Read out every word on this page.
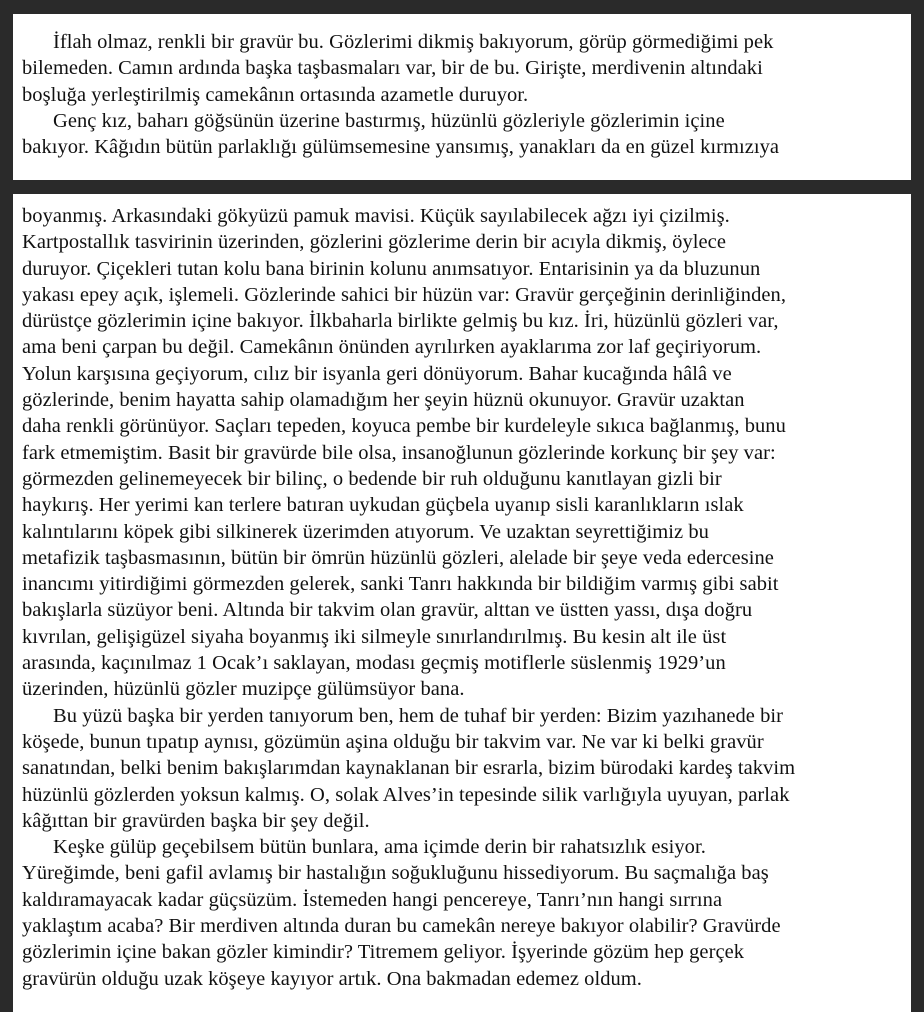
İflah olmaz, renkli bir gravür bu. Gözlerimi dikmiş bakıyorum, görüp görmediğimi pek
bilemeden. Camın ardında başka taşbasmaları var, bir de bu. Girişte, merdivenin altındaki
boşluğa yerleştirilmiş camekânın ortasında azametle duruyor.
Genç kız, baharı göğsünün üzerine bastırmış, hüzünlü gözleriyle gözlerimin içine
bakıyor. Kâğıdın bütün parlaklığı gülümsemesine yansımış, yanakları da en güzel kırmızıya
boyanmış. Arkasındaki gökyüzü pamuk mavisi. Küçük sayılabilecek ağzı iyi çizilmiş.
Kartpostallık tasvirinin üzerinden, gözlerini gözlerime derin bir acıyla dikmiş, öylece
duruyor. Çiçekleri tutan kolu bana birinin kolunu anımsatıyor. Entarisinin ya da bluzunun
yakası epey açık, işlemeli. Gözlerinde sahici bir hüzün var: Gravür gerçeğinin derinliğinden,
dürüstçe gözlerimin içine bakıyor. İlkbaharla birlikte gelmiş bu kız. İri, hüzünlü gözleri var,
ama beni çarpan bu değil. Camekânın önünden ayrılırken ayaklarıma zor laf geçiriyorum.
Yolun karşısına geçiyorum, cılız bir isyanla geri dönüyorum. Bahar kucağında hâlâ ve
gözlerinde, benim hayatta sahip olamadığım her şeyin hüznü okunuyor. Gravür uzaktan
daha renkli görünüyor. Saçları tepeden, koyuca pembe bir kurdeleyle sıkıca bağlanmış, bunu
fark etmemiştim. Basit bir gravürde bile olsa, insanoğlunun gözlerinde korkunç bir şey var:
görmezden gelinemeyecek bir bilinç, o bedende bir ruh olduğunu kanıtlayan gizli bir
haykırış. Her yerimi kan terlere batıran uykudan güçbela uyanıp sisli karanlıkların ıslak
kalıntılarını köpek gibi silkinerek üzerimden atıyorum. Ve uzaktan seyrettiğimiz bu
metafizik taşbasmasının, bütün bir ömrün hüzünlü gözleri, alelade bir şeye veda edercesine
inancımı yitirdiğimi görmezden gelerek, sanki Tanrı hakkında bir bildiğim varmış gibi sabit
bakışlarla süzüyor beni. Altında bir takvim olan gravür, alttan ve üstten yassı, dışa doğru
kıvrılan, gelişigüzel siyaha boyanmış iki silmeyle sınırlandırılmış. Bu kesin alt ile üst
arasında, kaçınılmaz 1 Ocak’ı saklayan, modası geçmiş motiflerle süslenmiş 1929’un
üzerinden, hüzünlü gözler muzipçe gülümsüyor bana.
Bu yüzü başka bir yerden tanıyorum ben, hem de tuhaf bir yerden: Bizim yazıhanede bir
köşede, bunun tıpatıp aynısı, gözümün aşina olduğu bir takvim var. Ne var ki belki gravür
sanatından, belki benim bakışlarımdan kaynaklanan bir esrarla, bizim bürodaki kardeş takvim
hüzünlü gözlerden yoksun kalmış. O, solak Alves’in tepesinde silik varlığıyla uyuyan, parlak
kâğıttan bir gravürden başka bir şey değil.
Keşke gülüp geçebilsem bütün bunlara, ama içimde derin bir rahatsızlık esiyor.
Yüreğimde, beni gafil avlamış bir hastalığın soğukluğunu hissediyorum. Bu saçmalığa baş
kaldıramayacak kadar güçsüzüm. İstemeden hangi pencereye, Tanrı’nın hangi sırrına
yaklaştım acaba? Bir merdiven altında duran bu camekân nereye bakıyor olabilir? Gravürde
gözlerimin içine bakan gözler kimindir? Titremem geliyor. İşyerinde gözüm hep gerçek
gravürün olduğu uzak köşeye kayıyor artık. Ona bakmadan edemez oldum.
